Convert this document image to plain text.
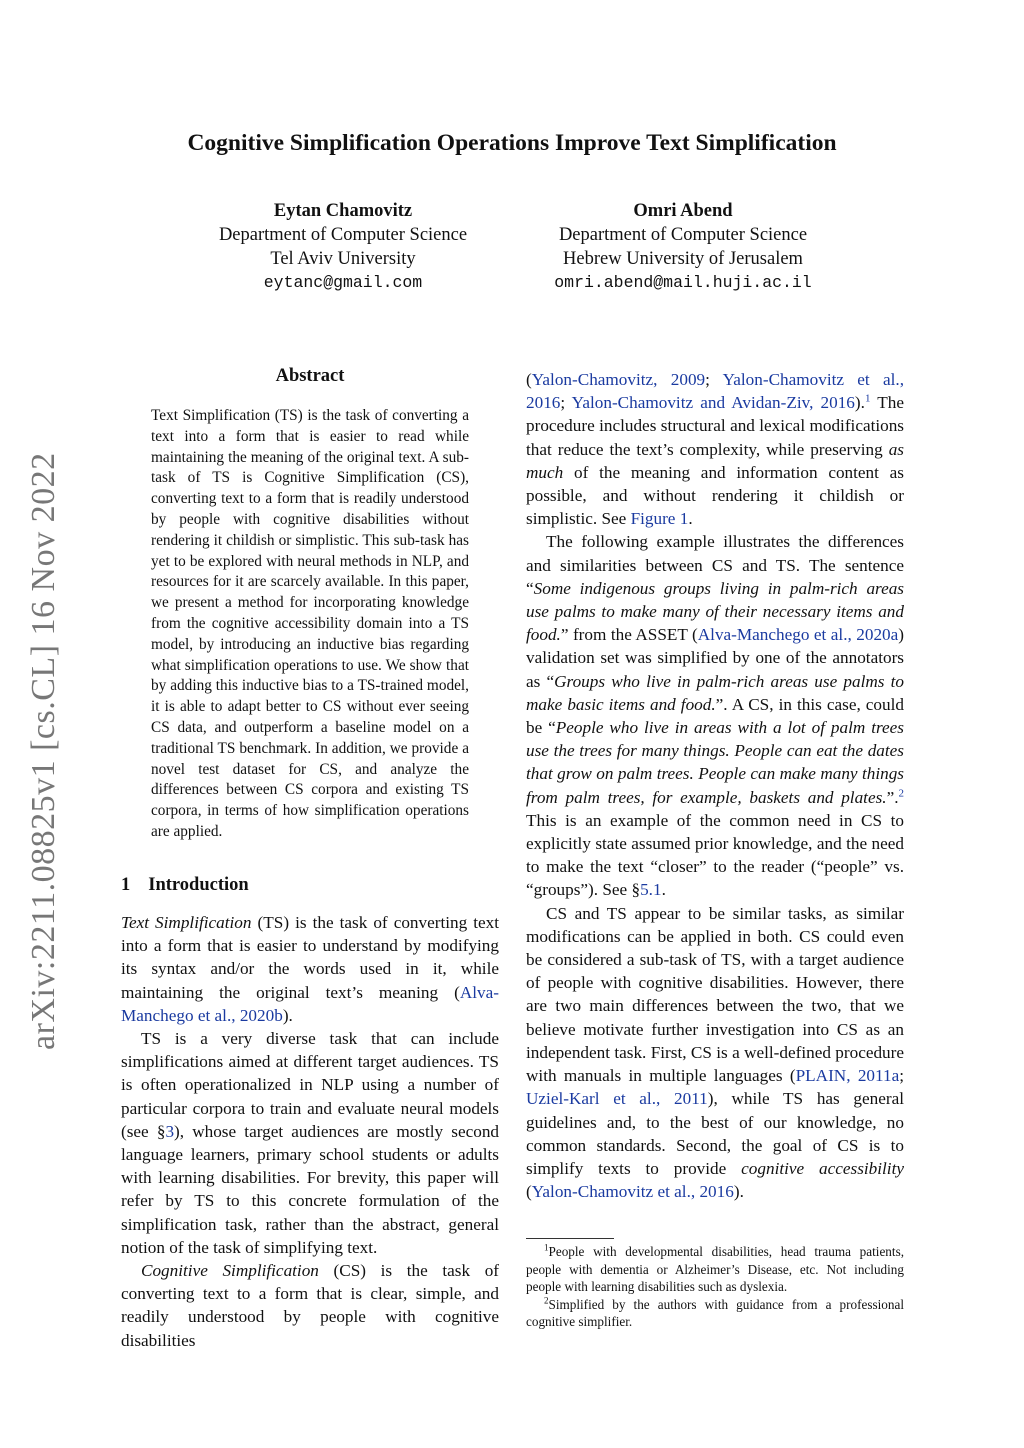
Cognitive Simplification Operations Improve Text Simplification
Eytan Chamovitz
Department of Computer Science
Tel Aviv University
eytanc@gmail.com
Omri Abend
Department of Computer Science
Hebrew University of Jerusalem
omri.abend@mail.huji.ac.il
arXiv:2211.08825v1 [cs.CL] 16 Nov 2022
Abstract
Text Simplification (TS) is the task of converting a text into a form that is easier to read while maintaining the meaning of the original text. A sub-task of TS is Cognitive Simplification (CS), converting text to a form that is readily understood by people with cognitive disabilities without rendering it childish or simplistic. This sub-task has yet to be explored with neural methods in NLP, and resources for it are scarcely available. In this paper, we present a method for incorporating knowledge from the cognitive accessibility domain into a TS model, by introducing an inductive bias regarding what simplification operations to use. We show that by adding this inductive bias to a TS-trained model, it is able to adapt better to CS without ever seeing CS data, and outperform a baseline model on a traditional TS benchmark. In addition, we provide a novel test dataset for CS, and analyze the differences between CS corpora and existing TS corpora, in terms of how simplification operations are applied.
1 Introduction

Text Simplification (TS) is the task of converting text into a form that is easier to understand by modifying its syntax and/or the words used in it, while maintaining the original text’s meaning (Alva-Manchego et al., 2020b).

TS is a very diverse task that can include simplifications aimed at different target audiences. TS is often operationalized in NLP using a number of particular corpora to train and evaluate neural models (see §3), whose target audiences are mostly second language learners, primary school students or adults with learning disabilities. For brevity, this paper will refer by TS to this concrete formulation of the simplification task, rather than the abstract, general notion of the task of simplifying text.

Cognitive Simplification (CS) is the task of converting text to a form that is clear, simple, and readily understood by people with cognitive disabilities

(Yalon-Chamovitz, 2009; Yalon-Chamovitz et al., 2016; Yalon-Chamovitz and Avidan-Ziv, 2016).$^1$ The procedure includes structural and lexical modifications that reduce the text’s complexity, while preserving as much of the meaning and information content as possible, and without rendering it childish or simplistic. See Figure 1.

The following example illustrates the differences and similarities between CS and TS. The sentence “Some indigenous groups living in palm-rich areas use palms to make many of their necessary items and food.” from the ASSET (Alva-Manchego et al., 2020a) validation set was simplified by one of the annotators as “Groups who live in palm-rich areas use palms to make basic items and food.”. A CS, in this case, could be “People who live in areas with a lot of palm trees use the trees for many things. People can eat the dates that grow on palm trees. People can make many things from palm trees, for example, baskets and plates.”.$^2$ This is an example of the common need in CS to explicitly state assumed prior knowledge, and the need to make the text “closer” to the reader (“people” vs. “groups”). See §5.1.

CS and TS appear to be similar tasks, as similar modifications can be applied in both. CS could even be considered a sub-task of TS, with a target audience of people with cognitive disabilities. However, there are two main differences between the two, that we believe motivate further investigation into CS as an independent task. First, CS is a well-defined procedure with manuals in multiple languages (PLAIN, 2011a; Uziel-Karl et al., 2011), while TS has general guidelines and, to the best of our knowledge, no common standards. Second, the goal of CS is to simplify texts to provide cognitive accessibility (Yalon-Chamovitz et al., 2016).

$^1$People with developmental disabilities, head trauma patients, people with dementia or Alzheimer’s Disease, etc. Not including people with learning disabilities such as dyslexia.

$^2$Simplified by the authors with guidance from a professional cognitive simplifier.
